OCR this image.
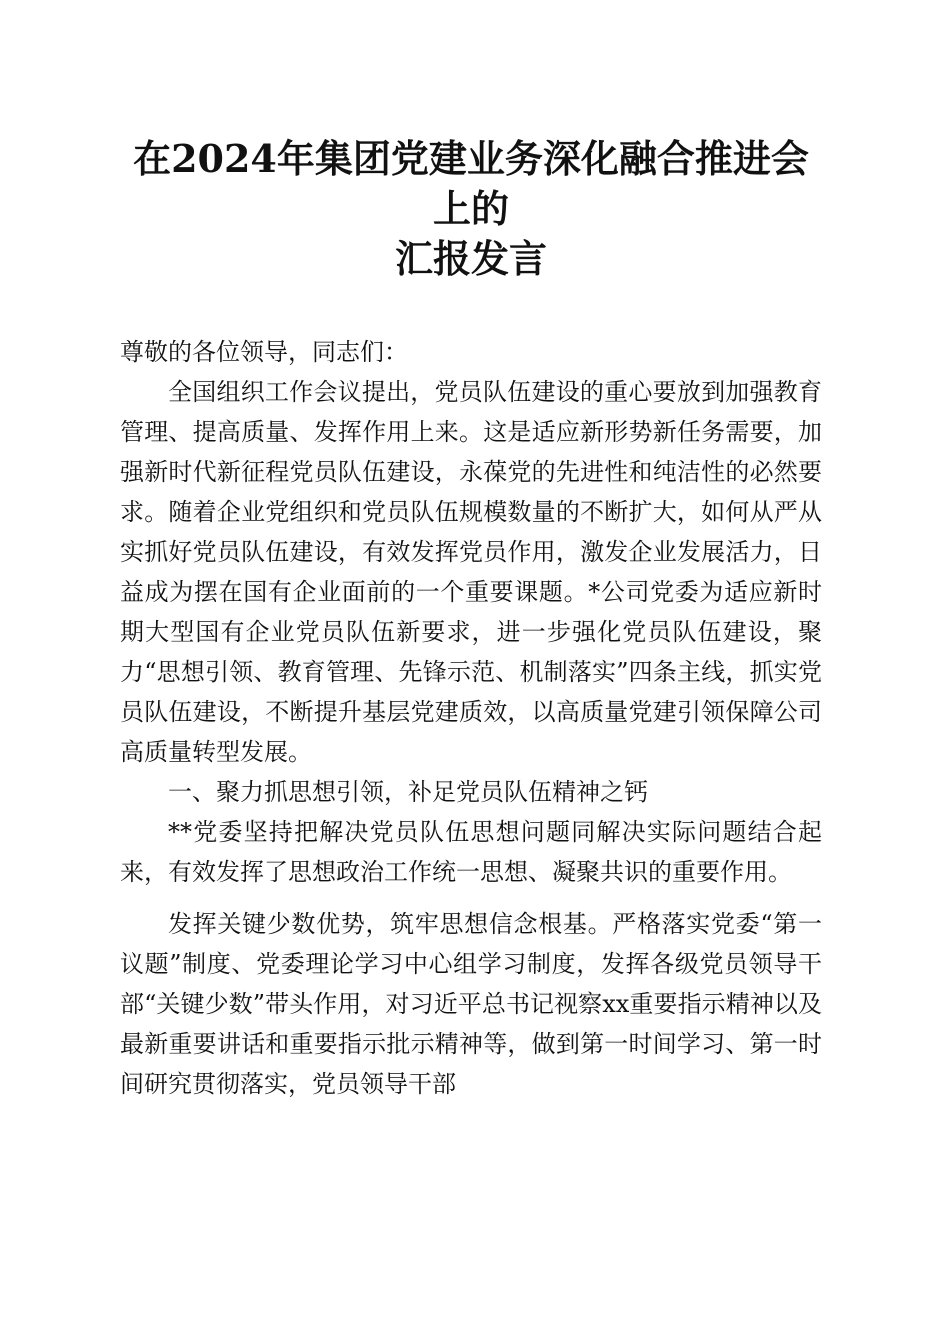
在2024年集团党建业务深化融合推进会上的
汇报发言

尊敬的各位领导，同志们：

全国组织工作会议提出，党员队伍建设的重心要放到加强教育管理、提高质量、发挥作用上来。这是适应新形势新任务需要，加强新时代新征程党员队伍建设，永葆党的先进性和纯洁性的必然要求。随着企业党组织和党员队伍规模数量的不断扩大，如何从严从实抓好党员队伍建设，有效发挥党员作用，激发企业发展活力，日益成为摆在国有企业面前的一个重要课题。*公司党委为适应新时期大型国有企业党员队伍新要求，进一步强化党员队伍建设，聚力“思想引领、教育管理、先锋示范、机制落实”四条主线，抓实党员队伍建设，不断提升基层党建质效，以高质量党建引领保障公司高质量转型发展。

一、聚力抓思想引领，补足党员队伍精神之钙

**党委坚持把解决党员队伍思想问题同解决实际问题结合起来，有效发挥了思想政治工作统一思想、凝聚共识的重要作用。

发挥关键少数优势，筑牢思想信念根基。严格落实党委“第一议题”制度、党委理论学习中心组学习制度，发挥各级党员领导干部“关键少数”带头作用，对习近平总书记视察xx重要指示精神以及最新重要讲话和重要指示批示精神等，做到第一时间学习、第一时间研究贯彻落实，党员领导干部
